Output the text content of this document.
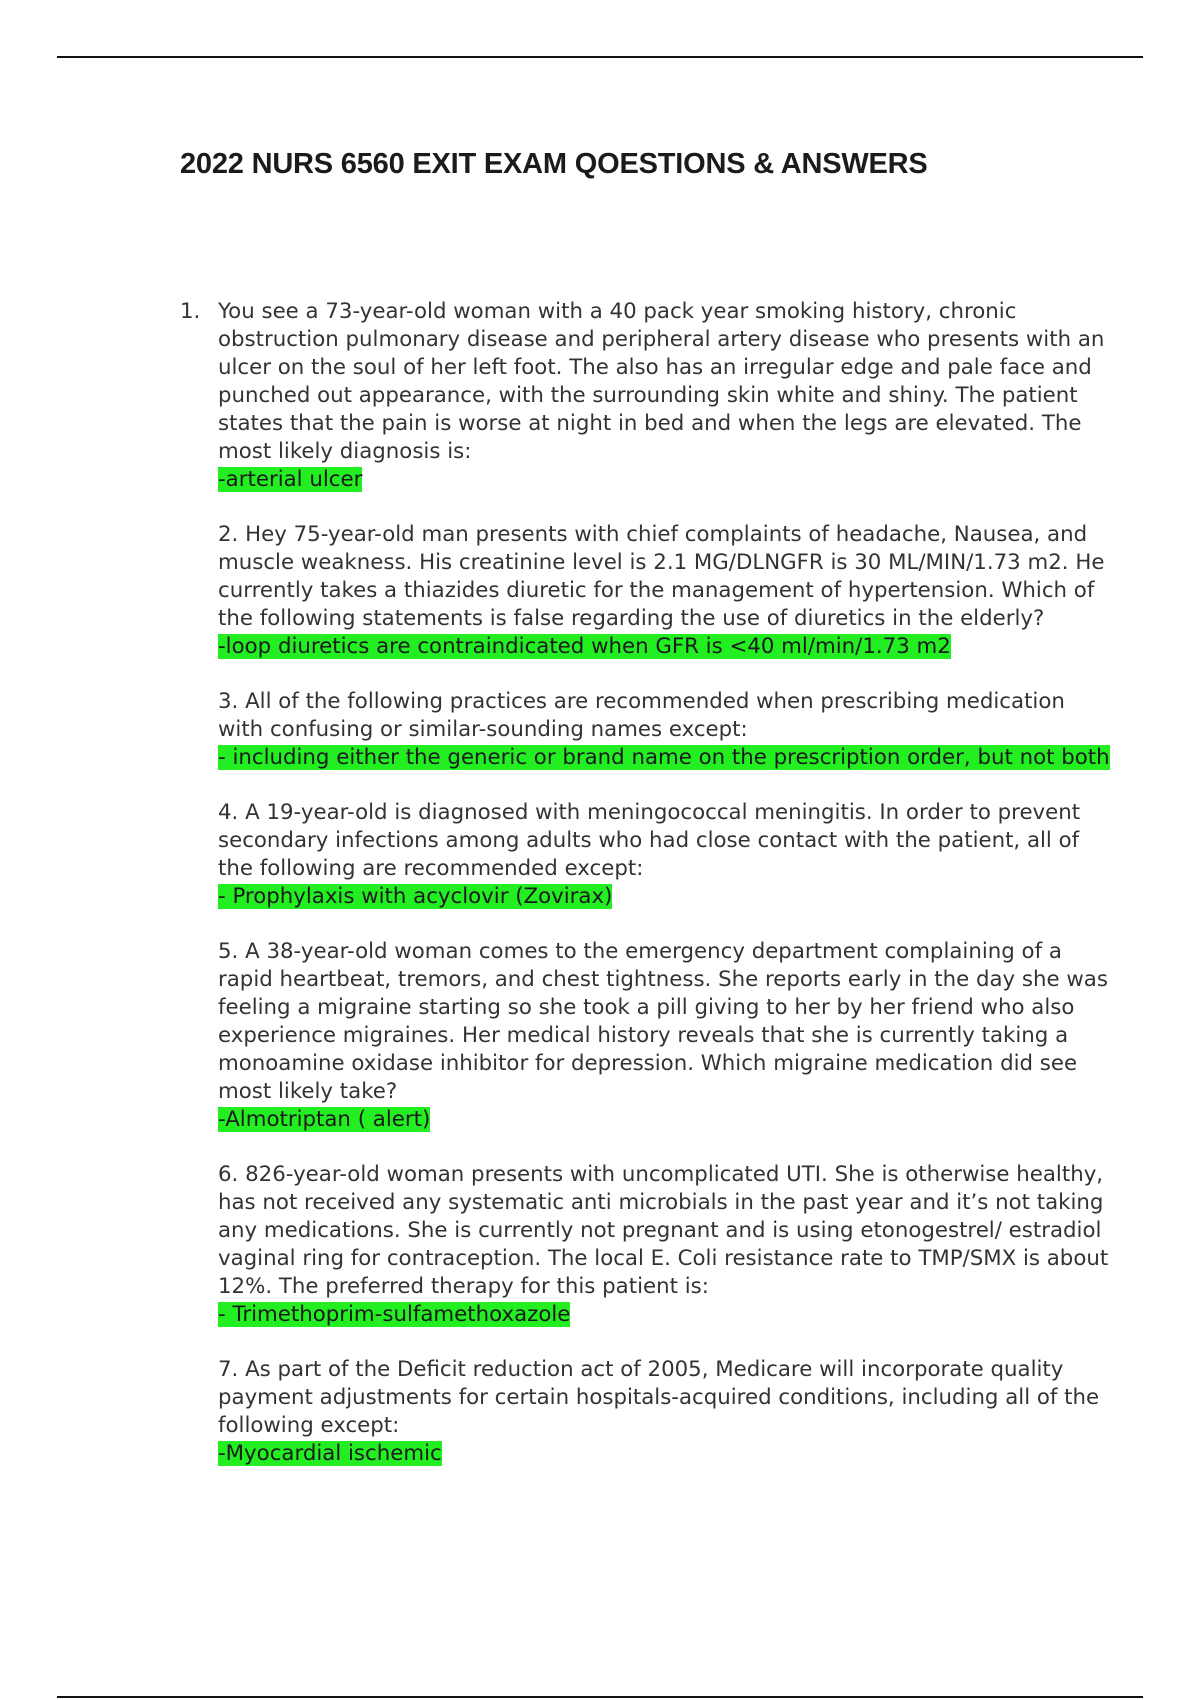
2022 NURS 6560 EXIT EXAM QOESTIONS & ANSWERS
1. You see a 73-year-old woman with a 40 pack year smoking history, chronic obstruction pulmonary disease and peripheral artery disease who presents with an ulcer on the soul of her left foot. The also has an irregular edge and pale face and punched out appearance, with the surrounding skin white and shiny. The patient states that the pain is worse at night in bed and when the legs are elevated. The most likely diagnosis is:
-arterial ulcer
2. Hey 75-year-old man presents with chief complaints of headache, Nausea, and muscle weakness. His creatinine level is 2.1 MG/DLNGFR is 30 ML/MIN/1.73 m2. He currently takes a thiazides diuretic for the management of hypertension. Which of the following statements is false regarding the use of diuretics in the elderly?
-loop diuretics are contraindicated when GFR is <40 ml/min/1.73 m2
3. All of the following practices are recommended when prescribing medication with confusing or similar-sounding names except:
- including either the generic or brand name on the prescription order, but not both
4. A 19-year-old is diagnosed with meningococcal meningitis. In order to prevent secondary infections among adults who had close contact with the patient, all of the following are recommended except:
- Prophylaxis with acyclovir (Zovirax)
5. A 38-year-old woman comes to the emergency department complaining of a rapid heartbeat, tremors, and chest tightness. She reports early in the day she was feeling a migraine starting so she took a pill giving to her by her friend who also experience migraines. Her medical history reveals that she is currently taking a monoamine oxidase inhibitor for depression. Which migraine medication did see most likely take?
-Almotriptan ( alert)
6. 826-year-old woman presents with uncomplicated UTI. She is otherwise healthy, has not received any systematic anti microbials in the past year and it’s not taking any medications. She is currently not pregnant and is using etonogestrel/ estradiol vaginal ring for contraception. The local E. Coli resistance rate to TMP/SMX is about 12%. The preferred therapy for this patient is:
- Trimethoprim-sulfamethoxazole
7. As part of the Deficit reduction act of 2005, Medicare will incorporate quality payment adjustments for certain hospitals-acquired conditions, including all of the following except:
-Myocardial ischemic
